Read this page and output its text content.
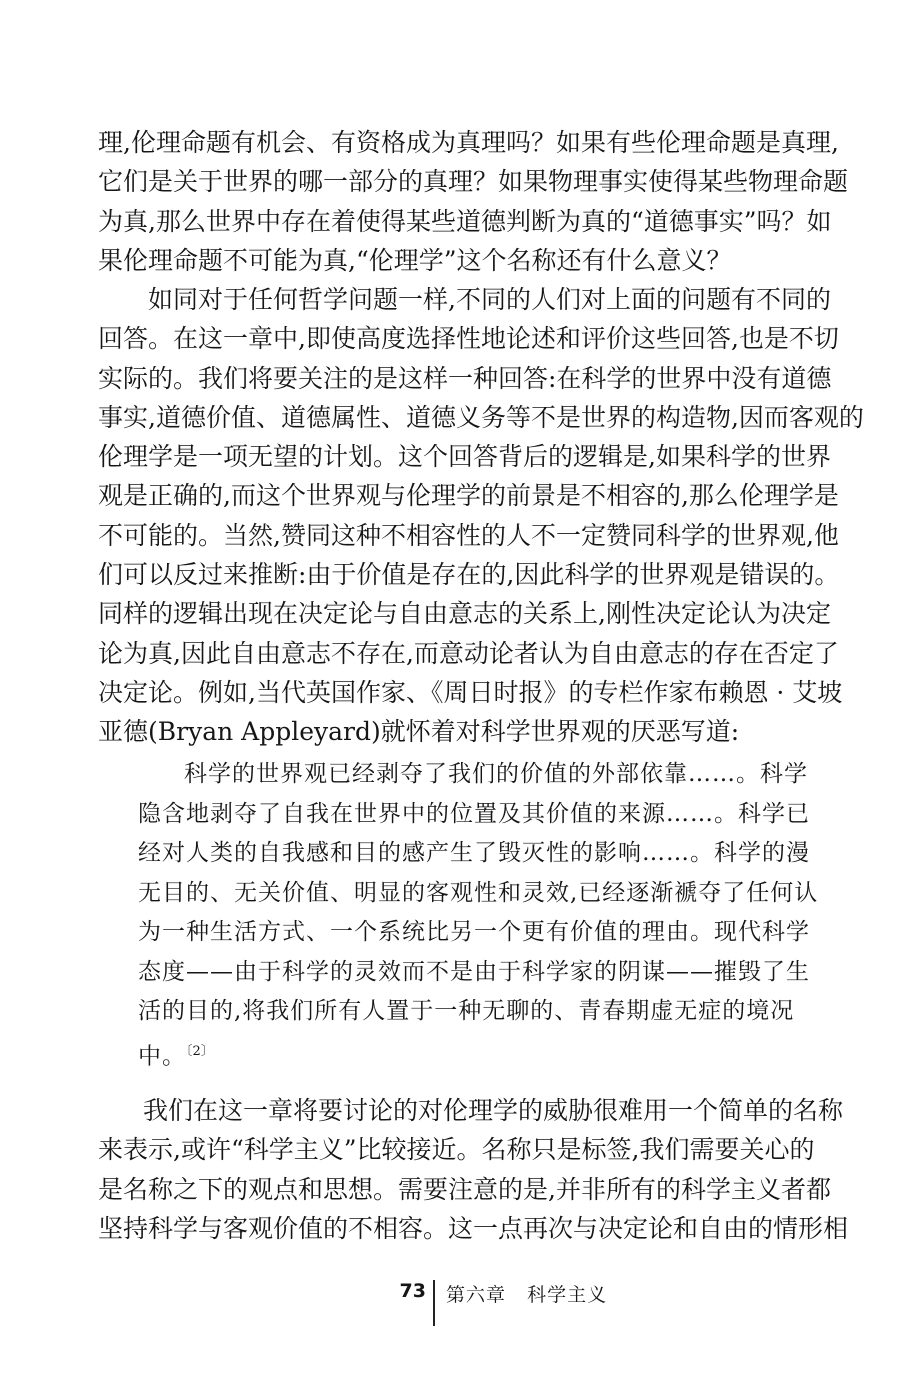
理,伦理命题有机会、有资格成为真理吗？如果有些伦理命题是真理,
它们是关于世界的哪一部分的真理？如果物理事实使得某些物理命题
为真,那么世界中存在着使得某些道德判断为真的“道德事实”吗？如
果伦理命题不可能为真,“伦理学”这个名称还有什么意义？
如同对于任何哲学问题一样,不同的人们对上面的问题有不同的
回答。在这一章中,即使高度选择性地论述和评价这些回答,也是不切
实际的。我们将要关注的是这样一种回答:在科学的世界中没有道德
事实,道德价值、道德属性、道德义务等不是世界的构造物,因而客观的
伦理学是一项无望的计划。这个回答背后的逻辑是,如果科学的世界
观是正确的,而这个世界观与伦理学的前景是不相容的,那么伦理学是
不可能的。当然,赞同这种不相容性的人不一定赞同科学的世界观,他
们可以反过来推断:由于价值是存在的,因此科学的世界观是错误的。
同样的逻辑出现在决定论与自由意志的关系上,刚性决定论认为决定
论为真,因此自由意志不存在,而意动论者认为自由意志的存在否定了
决定论。例如,当代英国作家、《周日时报》的专栏作家布赖恩 · 艾坡
亚德(Bryan Appleyard)就怀着对科学世界观的厌恶写道:
科学的世界观已经剥夺了我们的价值的外部依靠……。科学
隐含地剥夺了自我在世界中的位置及其价值的来源……。科学已
经对人类的自我感和目的感产生了毁灭性的影响……。科学的漫
无目的、无关价值、明显的客观性和灵效,已经逐渐褫夺了任何认
为一种生活方式、一个系统比另一个更有价值的理由。现代科学
态度——由于科学的灵效而不是由于科学家的阴谋——摧毁了生
活的目的,将我们所有人置于一种无聊的、青春期虚无症的境况
中。$^{〔2〕}$
我们在这一章将要讨论的对伦理学的威胁很难用一个简单的名称
来表示,或许“科学主义”比较接近。名称只是标签,我们需要关心的
是名称之下的观点和思想。需要注意的是,并非所有的科学主义者都
坚持科学与客观价值的不相容。这一点再次与决定论和自由的情形相
73 第六章   科学主义
